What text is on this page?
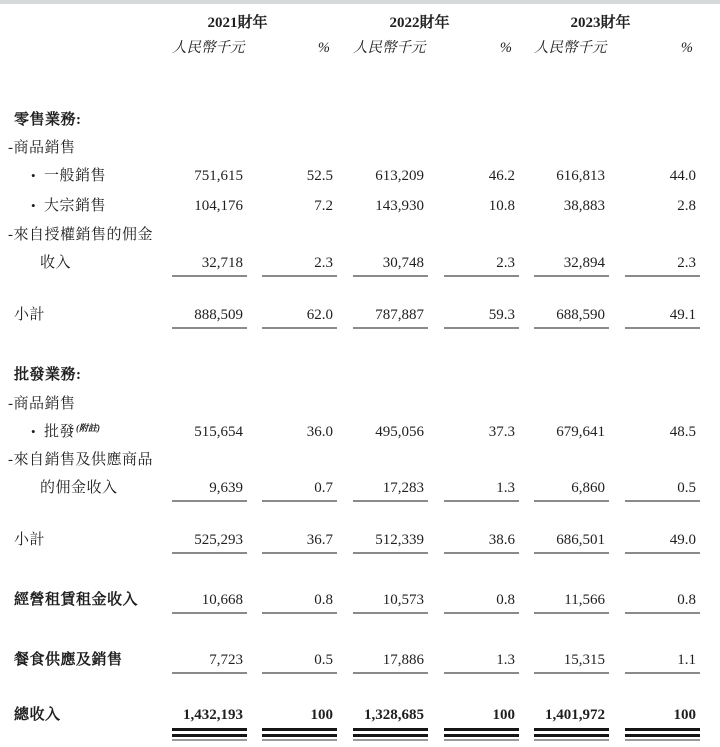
2021財年	2022財年	2023財年
人民幣千元	%	人民幣千元	%	人民幣千元	%
零售業務:
-商品銷售
• 一般銷售	751,615	52.5	613,209	46.2	616,813	44.0
• 大宗銷售	104,176	7.2	143,930	10.8	38,883	2.8
-來自授權銷售的佣金
收入	32,718	2.3	30,748	2.3	32,894	2.3
小計	888,509	62.0	787,887	59.3	688,590	49.1
批發業務:
-商品銷售
• 批發$^{(附註)}$	515,654	36.0	495,056	37.3	679,641	48.5
-來自銷售及供應商品
的佣金收入	9,639	0.7	17,283	1.3	6,860	0.5
小計	525,293	36.7	512,339	38.6	686,501	49.0
經營租賃租金收入	10,668	0.8	10,573	0.8	11,566	0.8
餐食供應及銷售	7,723	0.5	17,886	1.3	15,315	1.1
總收入	1,432,193	100	1,328,685	100	1,401,972	100
